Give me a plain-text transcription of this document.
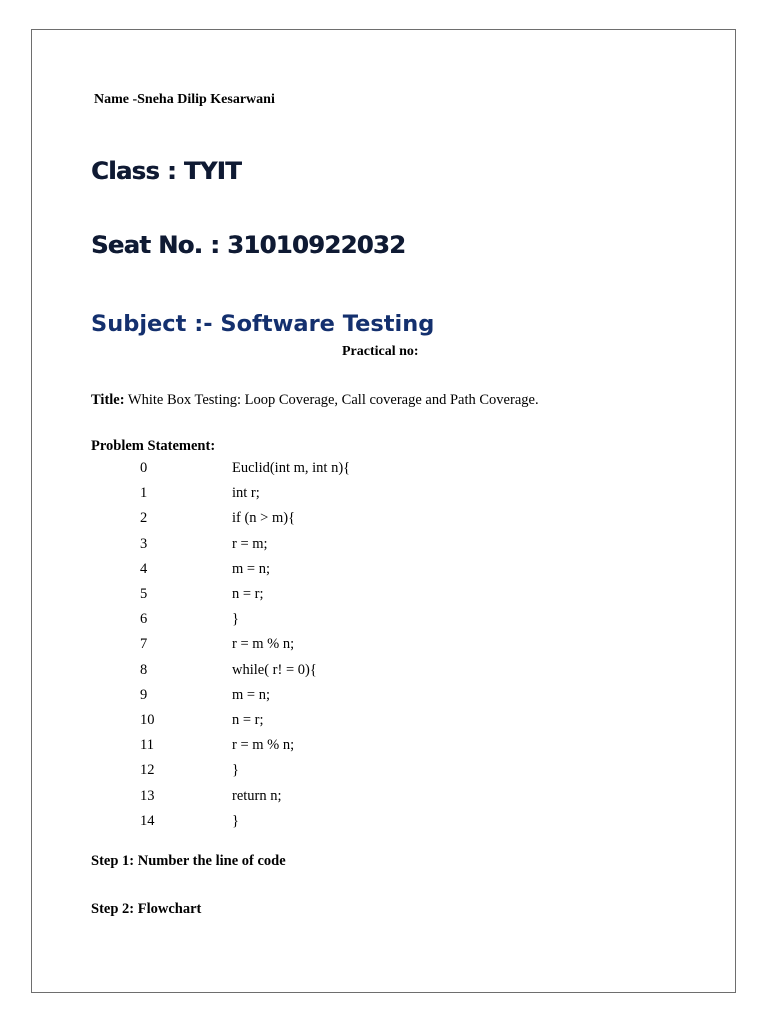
Name -Sneha Dilip Kesarwani
Class : TYIT
Seat No. : 31010922032
Subject :- Software Testing
Practical no:
Title: White Box Testing: Loop Coverage, Call coverage and Path Coverage.
Problem Statement:
0	Euclid(int m, int n){
1	int r;
2	if (n > m){
3	r = m;
4	m = n;
5	n = r;
6	}
7	r = m % n;
8	while( r! = 0){
9	m = n;
10	n = r;
11	r = m % n;
12	}
13	return n;
14	}
Step 1: Number the line of code
Step 2: Flowchart
